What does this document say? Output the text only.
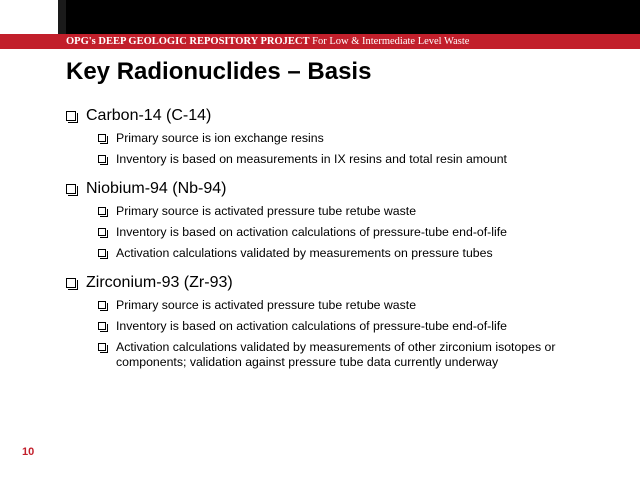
OPG's DEEP GEOLOGIC REPOSITORY PROJECT For Low & Intermediate Level Waste
Key Radionuclides – Basis
Carbon-14 (C-14)
Primary source is ion exchange resins
Inventory is based on measurements in IX resins and total resin amount
Niobium-94 (Nb-94)
Primary source is activated pressure tube retube waste
Inventory is based on activation calculations of pressure-tube end-of-life
Activation calculations validated by measurements on pressure tubes
Zirconium-93 (Zr-93)
Primary source is activated pressure tube retube waste
Inventory is based on activation calculations of pressure-tube end-of-life
Activation calculations validated by measurements of other zirconium isotopes or components; validation against pressure tube data currently underway
10
